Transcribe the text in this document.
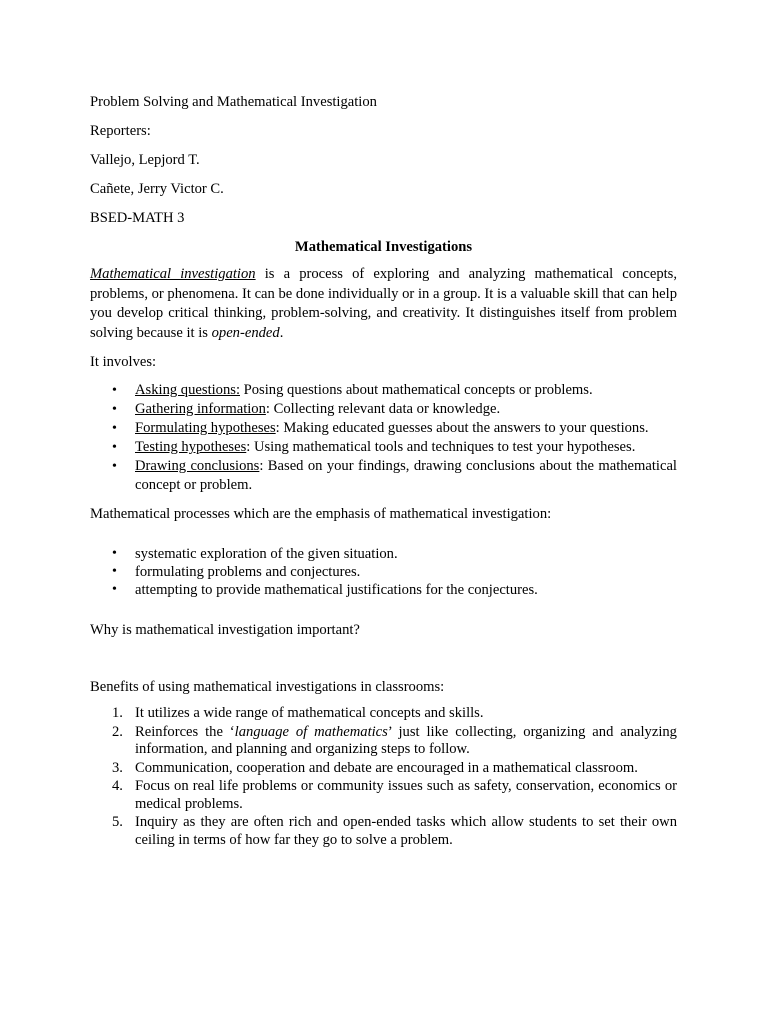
Problem Solving and Mathematical Investigation

Reporters:

Vallejo, Lepjord T.

Cañete, Jerry Victor C.

BSED-MATH 3

Mathematical Investigations

Mathematical investigation is a process of exploring and analyzing mathematical concepts, problems, or phenomena. It can be done individually or in a group. It is a valuable skill that can help you develop critical thinking, problem-solving, and creativity. It distinguishes itself from problem solving because it is open-ended.

It involves:

• Asking questions: Posing questions about mathematical concepts or problems.
• Gathering information: Collecting relevant data or knowledge.
• Formulating hypotheses: Making educated guesses about the answers to your questions.
• Testing hypotheses: Using mathematical tools and techniques to test your hypotheses.
• Drawing conclusions: Based on your findings, drawing conclusions about the mathematical concept or problem.

Mathematical processes which are the emphasis of mathematical investigation:

• systematic exploration of the given situation.
• formulating problems and conjectures.
• attempting to provide mathematical justifications for the conjectures.

Why is mathematical investigation important?

Benefits of using mathematical investigations in classrooms:

1. It utilizes a wide range of mathematical concepts and skills.
2. Reinforces the ‘language of mathematics’ just like collecting, organizing and analyzing information, and planning and organizing steps to follow.
3. Communication, cooperation and debate are encouraged in a mathematical classroom.
4. Focus on real life problems or community issues such as safety, conservation, economics or medical problems.
5. Inquiry as they are often rich and open-ended tasks which allow students to set their own ceiling in terms of how far they go to solve a problem.
